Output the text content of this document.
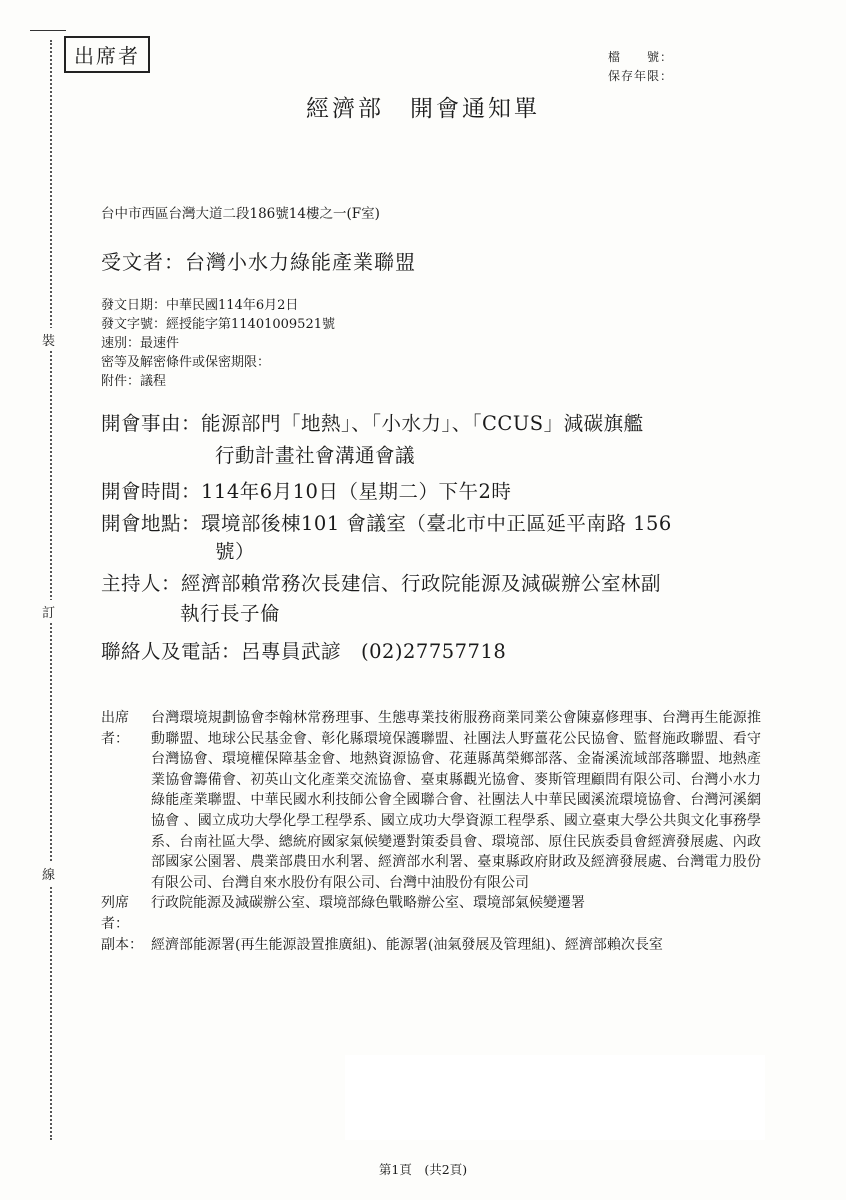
出席者
裝
訂
線
檔　　號：
保存年限：
經濟部　開會通知單
台中市西區台灣大道二段186號14樓之一(F室)
受文者：台灣小水力綠能產業聯盟
發文日期：中華民國114年6月2日
發文字號：經授能字第11401009521號
速別：最速件
密等及解密條件或保密期限：
附件：議程
開會事由：能源部門「地熱」、「小水力」、「CCUS」減碳旗艦
行動計畫社會溝通會議
開會時間：114年6月10日（星期二）下午2時
開會地點：環境部後棟101 會議室（臺北市中正區延平南路 156
號）
主持人：經濟部賴常務次長建信、行政院能源及減碳辦公室林副
執行長子倫
聯絡人及電話：呂專員武諺　(02)27757718
出席者：
台灣環境規劃協會李翰林常務理事、生態專業技術服務商業同業公會陳嘉修理事、台灣再生能源推動聯盟、地球公民基金會、彰化縣環境保護聯盟、社團法人野薑花公民協會、監督施政聯盟、看守台灣協會、環境權保障基金會、地熱資源協會、花蓮縣萬榮鄉部落、金崙溪流域部落聯盟、地熱產業協會籌備會、初英山文化產業交流協會、臺東縣觀光協會、麥斯管理顧問有限公司、台灣小水力綠能產業聯盟、中華民國水利技師公會全國聯合會、社團法人中華民國溪流環境協會、台灣河溪網協會 、國立成功大學化學工程學系、國立成功大學資源工程學系、國立臺東大學公共與文化事務學系、台南社區大學、總統府國家氣候變遷對策委員會、環境部、原住民族委員會經濟發展處、內政部國家公園署、農業部農田水利署、經濟部水利署、臺東縣政府財政及經濟發展處、台灣電力股份有限公司、台灣自來水股份有限公司、台灣中油股份有限公司
列席者：
行政院能源及減碳辦公室、環境部綠色戰略辦公室、環境部氣候變遷署
副本： 經濟部能源署(再生能源設置推廣組)、能源署(油氣發展及管理組)、經濟部賴次長室
第1頁　(共2頁)
